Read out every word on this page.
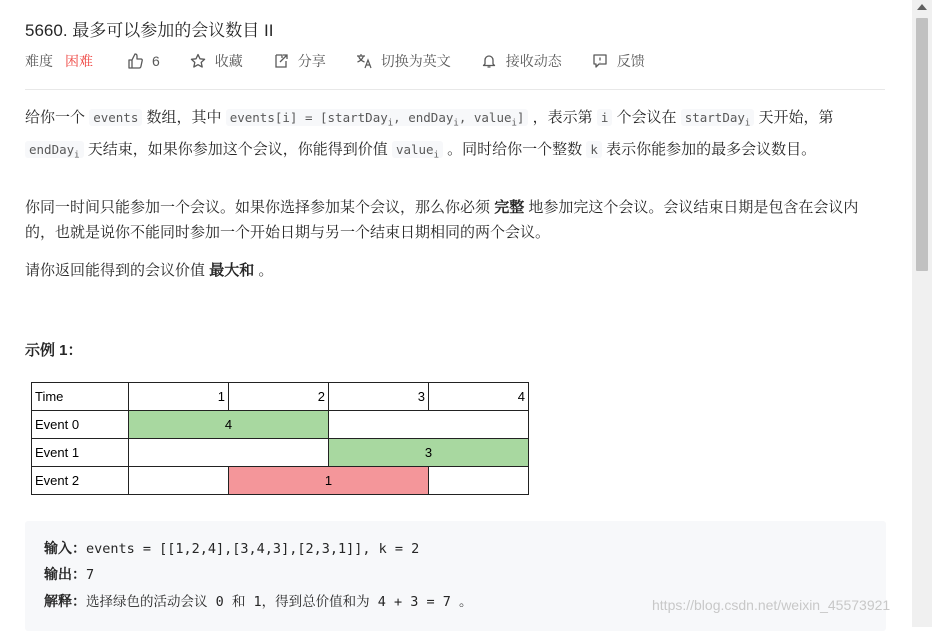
5660. 最多可以参加的会议数目 II
难度 困难	6	收藏	分享	切换为英文	接收动态	反馈
给你一个 events 数组，其中 events[i] = [startDay$_i$, endDay$_i$, value$_i$] ，表示第 i 个会议在 startDay$_i$ 天开始，第 endDay$_i$ 天结束，如果你参加这个会议，你能得到价值 value$_i$ 。同时给你一个整数 k 表示你能参加的最多会议数目。
你同一时间只能参加一个会议。如果你选择参加某个会议，那么你必须 完整 地参加完这个会议。会议结束日期是包含在会议内的，也就是说你不能同时参加一个开始日期与另一个结束日期相同的两个会议。
请你返回能得到的会议价值 最大和 。
示例 1：
Time	1	2	3	4
Event 0	4			
Event 1			3	
Event 2		1		
输入：events = [[1,2,4],[3,4,3],[2,3,1]], k = 2
输出：7
解释：选择绿色的活动会议 0 和 1，得到总价值和为 4 + 3 = 7 。	https://blog.csdn.net/weixin_45573921
